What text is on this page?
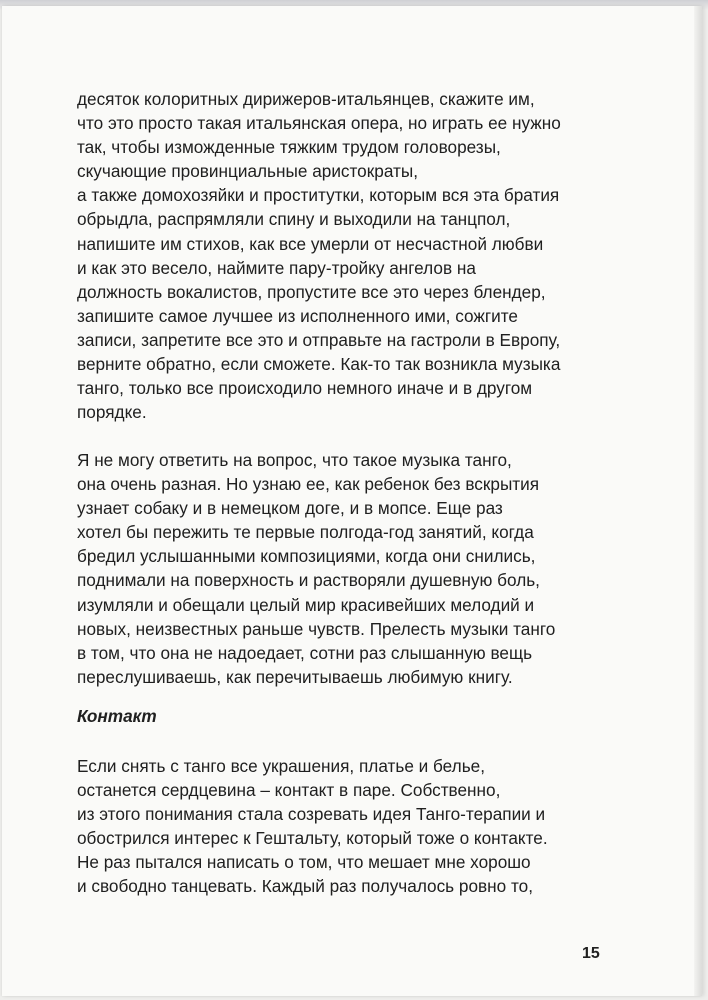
десяток колоритных дирижеров-итальянцев, скажите им,
что это просто такая итальянская опера, но играть ее нужно
так, чтобы изможденные тяжким трудом головорезы,
скучающие провинциальные аристократы,
а также домохозяйки и проститутки, которым вся эта братия
обрыдла, распрямляли спину и выходили на танцпол,
напишите им стихов, как все умерли от несчастной любви
и как это весело, наймите пару-тройку ангелов на
должность вокалистов, пропустите все это через блендер,
запишите самое лучшее из исполненного ими, сожгите
записи, запретите все это и отправьте на гастроли в Европу,
верните обратно, если сможете. Как-то так возникла музыка
танго, только все происходило немного иначе и в другом
порядке.
Я не могу ответить на вопрос, что такое музыка танго,
она очень разная. Но узнаю ее, как ребенок без вскрытия
узнает собаку и в немецком доге, и в мопсе. Еще раз
хотел бы пережить те первые полгода-год занятий, когда
бредил услышанными композициями, когда они снились,
поднимали на поверхность и растворяли душевную боль,
изумляли и обещали целый мир красивейших мелодий и
новых, неизвестных раньше чувств. Прелесть музыки танго
в том, что она не надоедает, сотни раз слышанную вещь
переслушиваешь, как перечитываешь любимую книгу.
Контакт
Если снять с танго все украшения, платье и белье,
останется сердцевина – контакт в паре. Собственно,
из этого понимания стала созревать идея Танго-терапии и
обострился интерес к Гештальту, который тоже о контакте.
Не раз пытался написать о том, что мешает мне хорошо
и свободно танцевать. Каждый раз получалось ровно то,
15
